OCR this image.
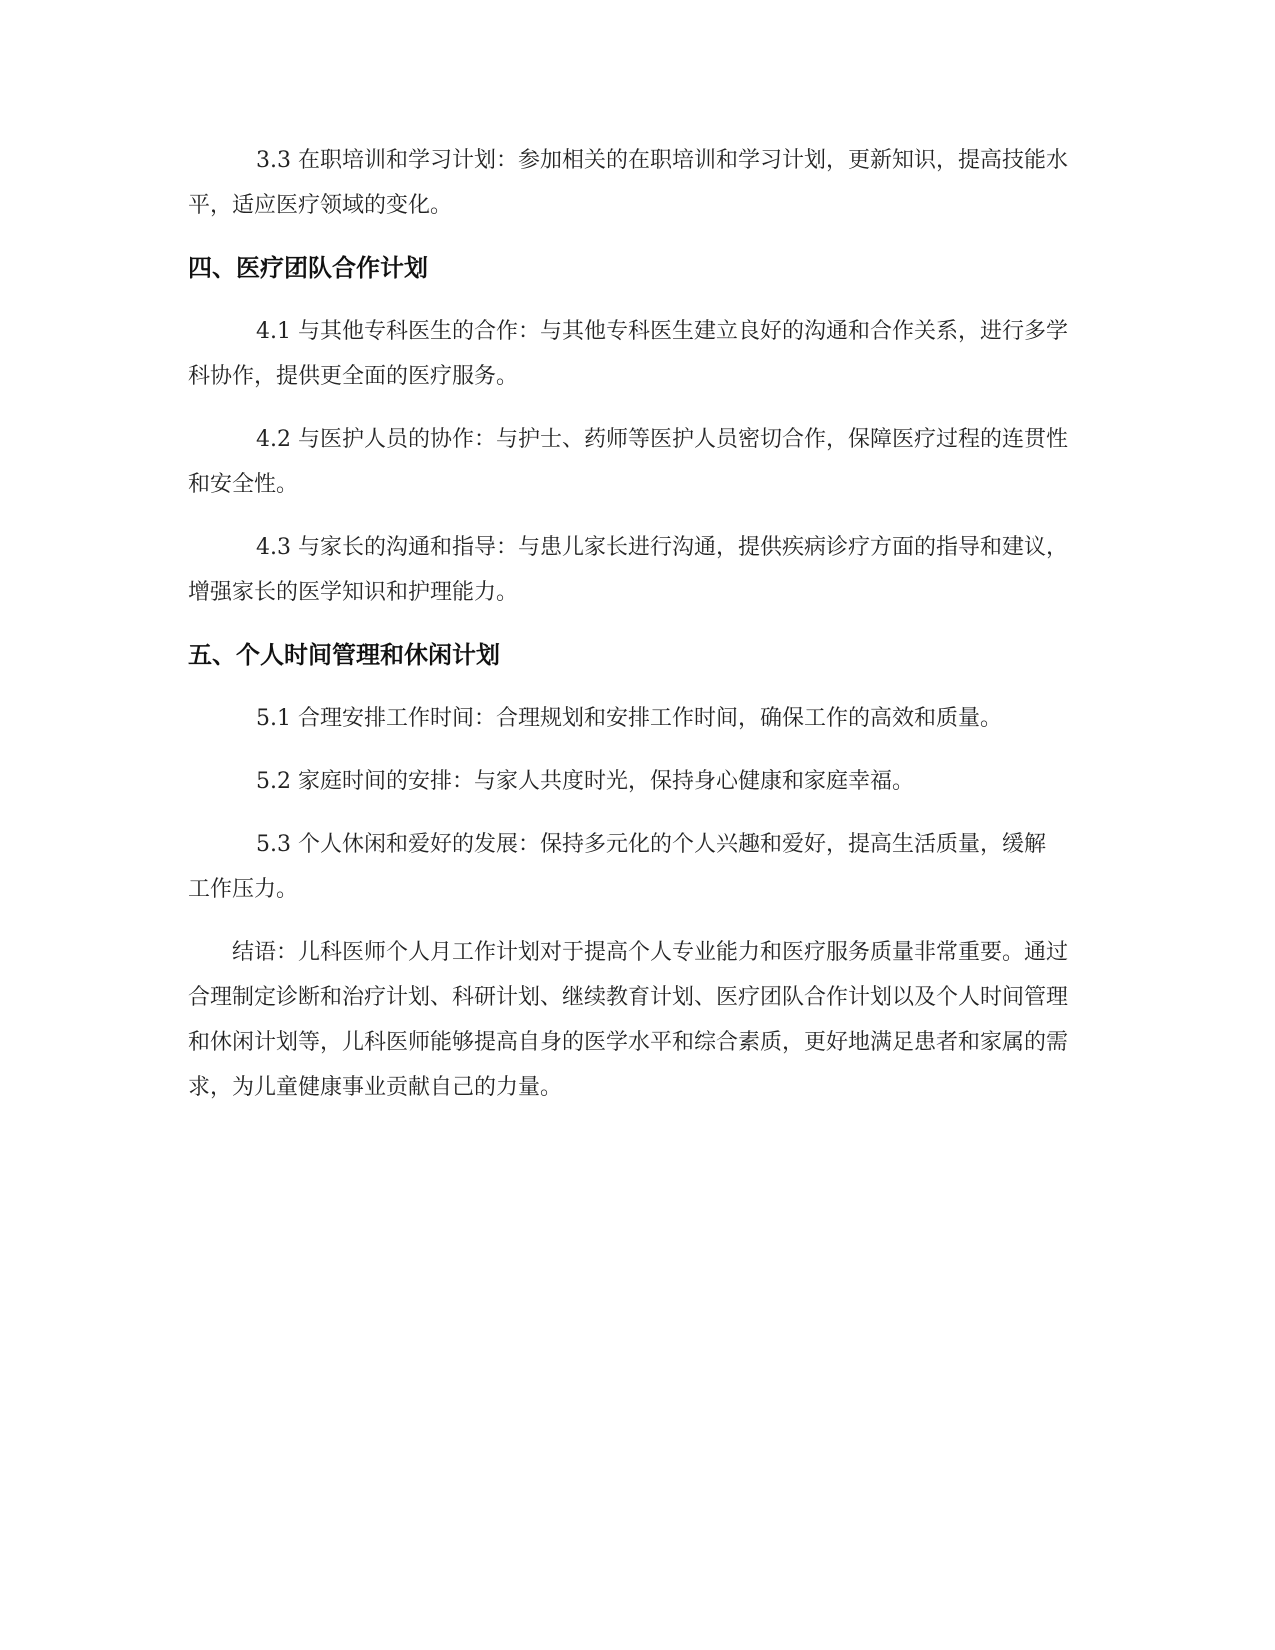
3.3 在职培训和学习计划：参加相关的在职培训和学习计划，更新知识，提高技能水平，适应医疗领域的变化。

四、医疗团队合作计划

4.1 与其他专科医生的合作：与其他专科医生建立良好的沟通和合作关系，进行多学科协作，提供更全面的医疗服务。

4.2 与医护人员的协作：与护士、药师等医护人员密切合作，保障医疗过程的连贯性和安全性。

4.3 与家长的沟通和指导：与患儿家长进行沟通，提供疾病诊疗方面的指导和建议，增强家长的医学知识和护理能力。

五、个人时间管理和休闲计划

5.1 合理安排工作时间：合理规划和安排工作时间，确保工作的高效和质量。

5.2 家庭时间的安排：与家人共度时光，保持身心健康和家庭幸福。

5.3 个人休闲和爱好的发展：保持多元化的个人兴趣和爱好，提高生活质量，缓解工作压力。

结语：儿科医师个人月工作计划对于提高个人专业能力和医疗服务质量非常重要。通过合理制定诊断和治疗计划、科研计划、继续教育计划、医疗团队合作计划以及个人时间管理和休闲计划等，儿科医师能够提高自身的医学水平和综合素质，更好地满足患者和家属的需求，为儿童健康事业贡献自己的力量。
